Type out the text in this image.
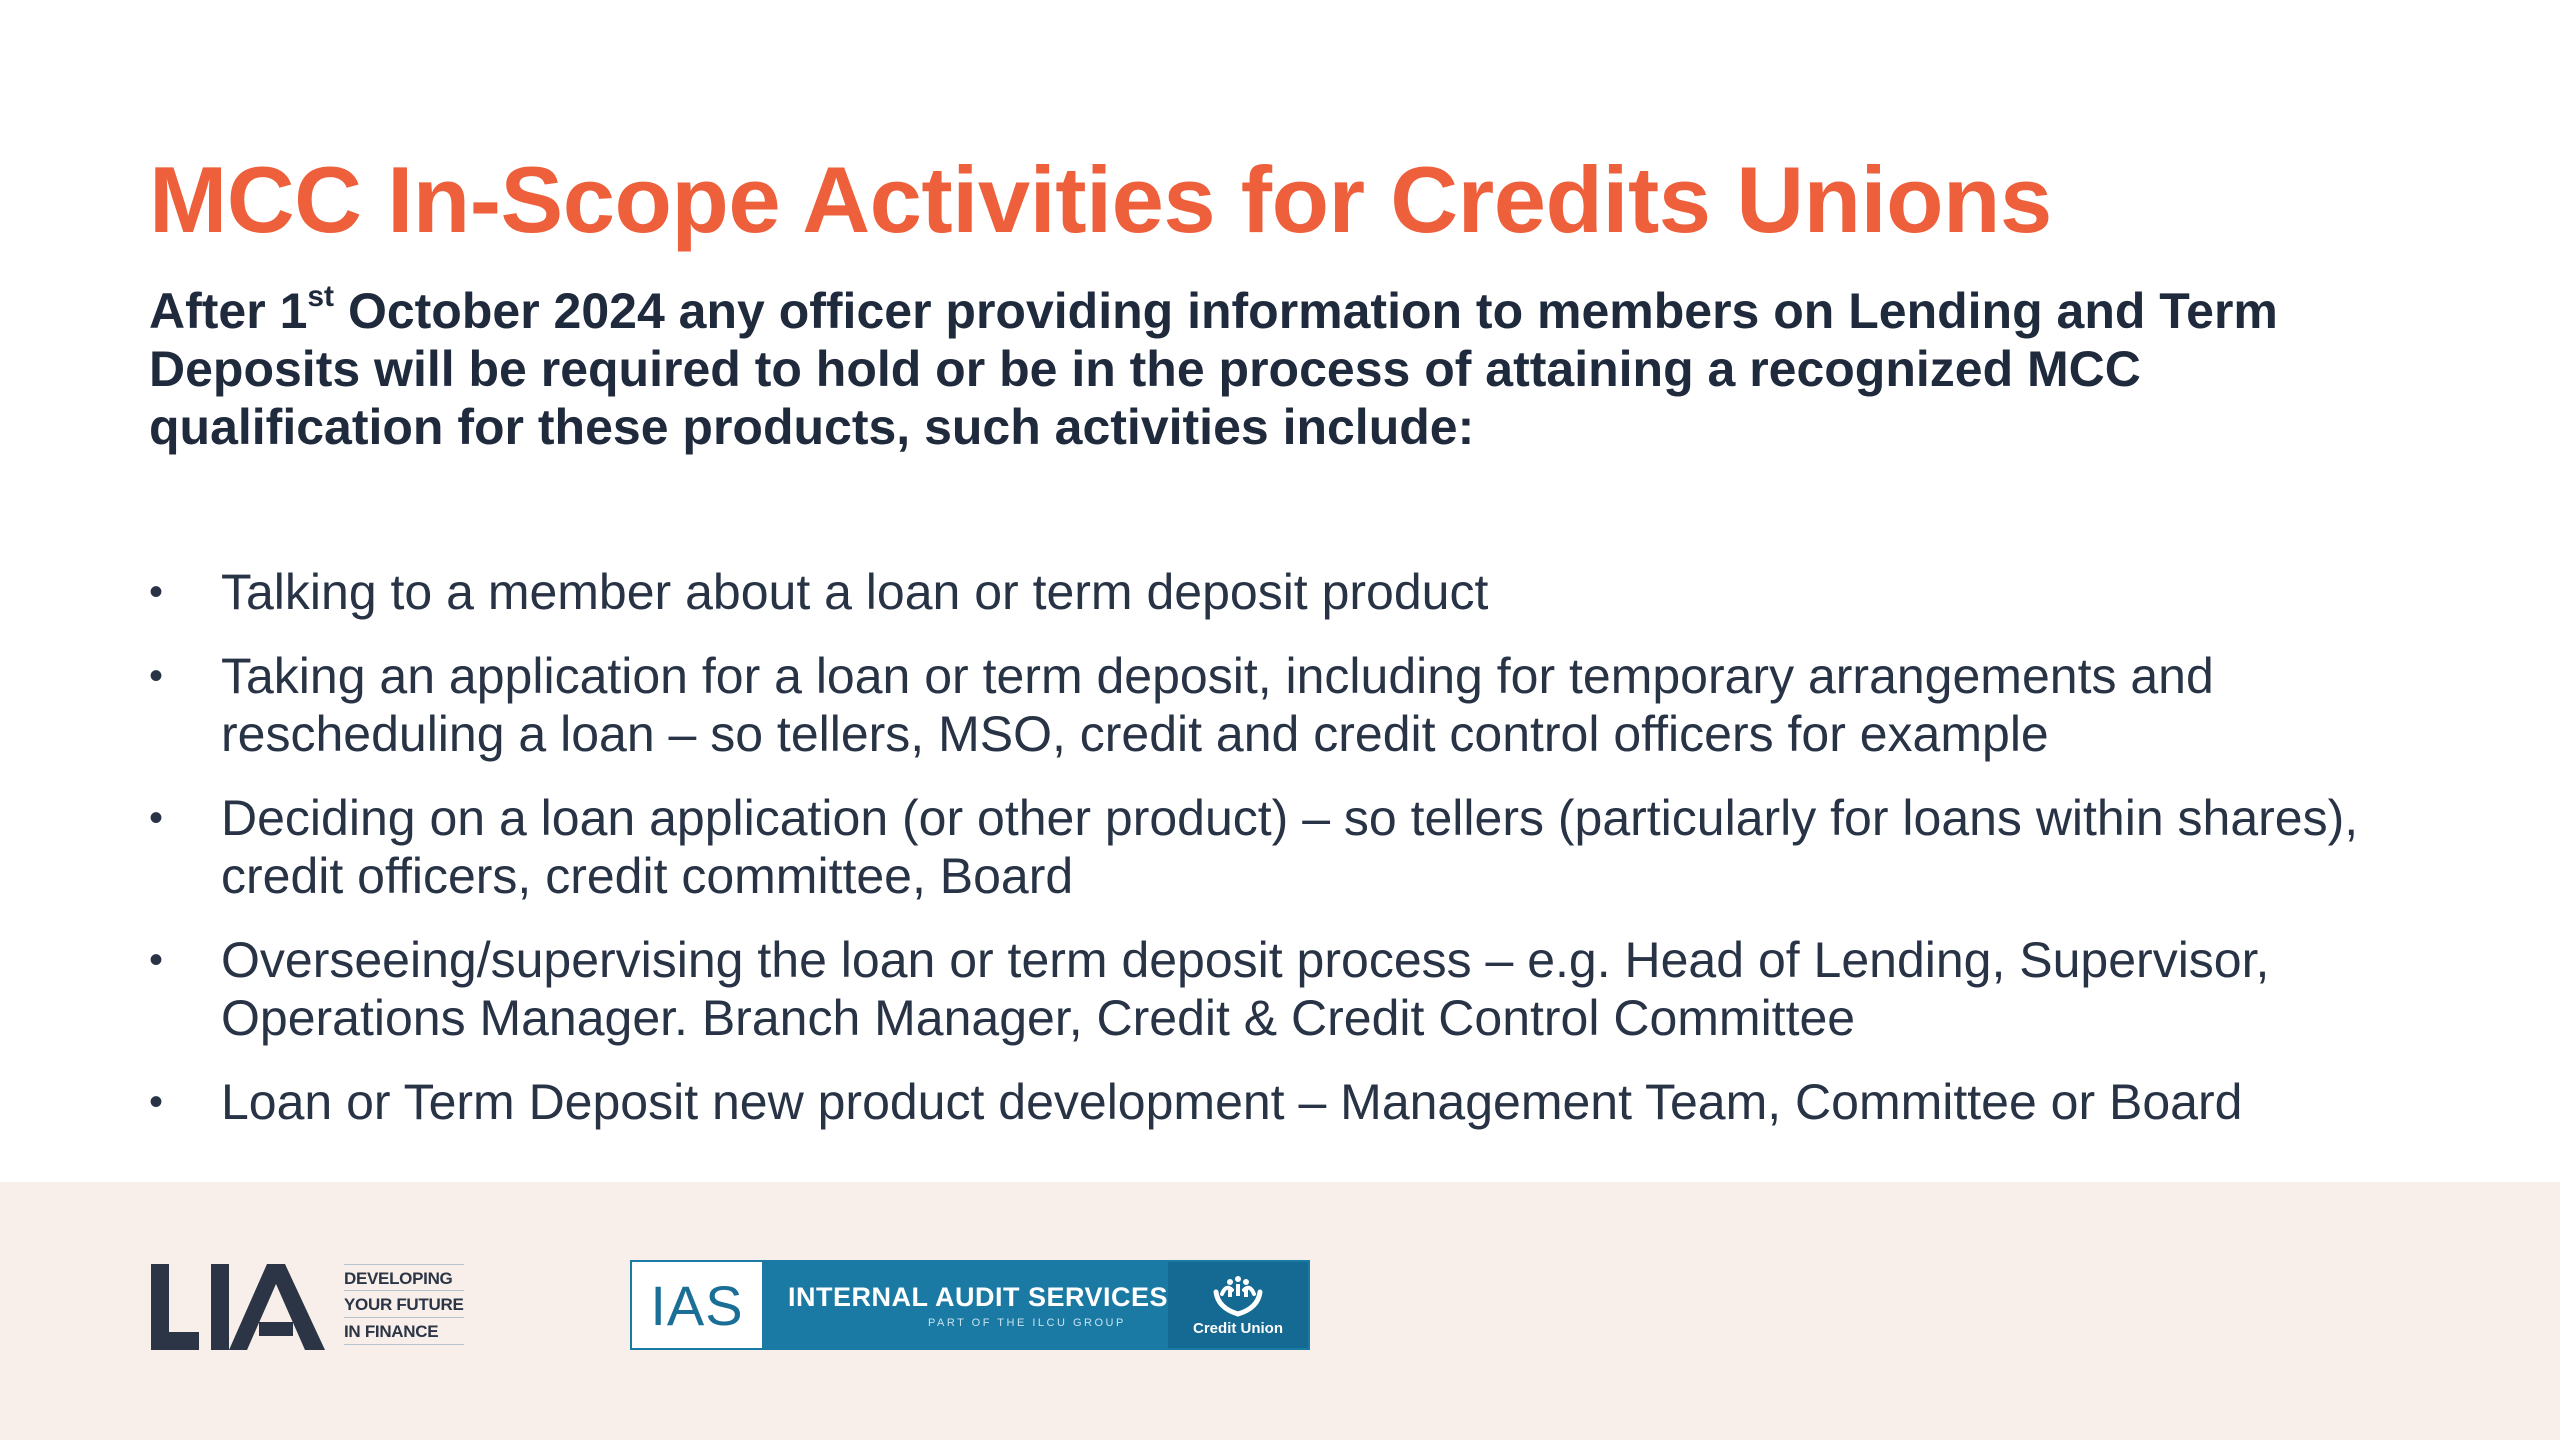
MCC In-Scope Activities for Credits Unions

After 1st October 2024 any officer providing information to members on Lending and Term Deposits will be required to hold or be in the process of attaining a recognized MCC qualification for these products, such activities include:

•	Talking to a member about a loan or term deposit product
•	Taking an application for a loan or term deposit, including for temporary arrangements and rescheduling a loan – so tellers, MSO, credit and credit control officers for example
•	Deciding on a loan application (or other product) – so tellers (particularly for loans within shares), credit officers, credit committee, Board
•	Overseeing/supervising the loan or term deposit process – e.g. Head of Lending, Supervisor, Operations Manager. Branch Manager, Credit & Credit Control Committee
•	Loan or Term Deposit new product development – Management Team, Committee or Board
DEVELOPING
YOUR FUTURE
IN FINANCE	IAS	INTERNAL AUDIT SERVICES
PART OF THE ILCU GROUP	Credit Union
